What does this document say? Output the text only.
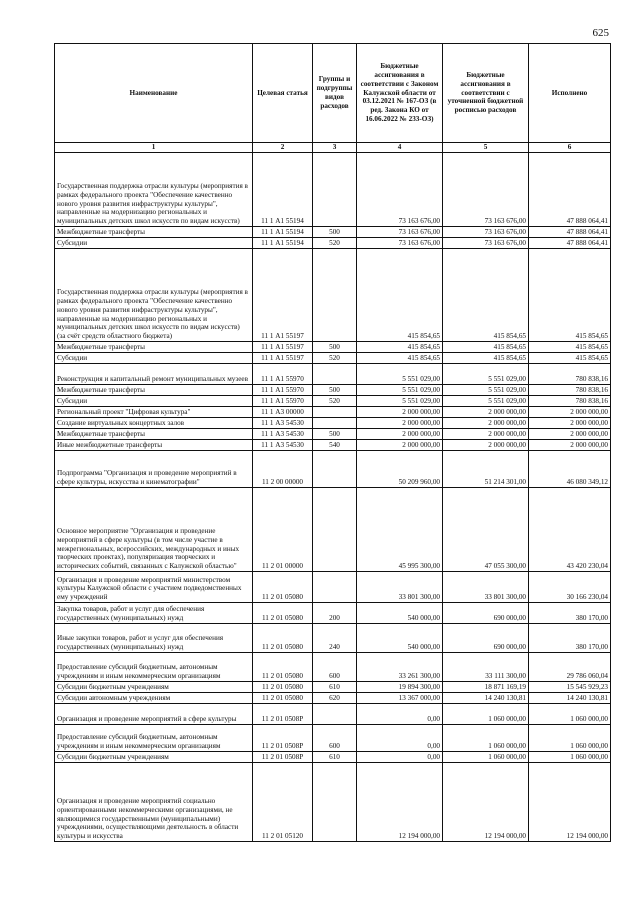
625
Наименование	Целевая статья	Группы и подгруппы видов расходов	Бюджетные ассигнования в соответствии с Законом Калужской области от 03.12.2021 № 167-ОЗ (в ред. Закона КО от 16.06.2022 № 233-ОЗ)	Бюджетные ассигнования в соответствии с уточненной бюджетной росписью расходов	Исполнено
1	2	3	4	5	6
Государственная поддержка отрасли культуры (мероприятия в рамках федерального проекта "Обеспечение качественно нового уровня развития инфраструктуры культуры", направленные на модернизацию региональных и муниципальных детских школ искусств по видам искусств)	11 1 А1 55194		73 163 676,00	73 163 676,00	47 888 064,41
Межбюджетные трансферты	11 1 А1 55194	500	73 163 676,00	73 163 676,00	47 888 064,41
Субсидии	11 1 А1 55194	520	73 163 676,00	73 163 676,00	47 888 064,41
Государственная поддержка отрасли культуры (мероприятия в рамках федерального проекта "Обеспечение качественно нового уровня развития инфраструктуры культуры", направленные на модернизацию региональных и муниципальных детских школ искусств по видам искусств) (за счёт средств областного бюджета)	11 1 А1 55197		415 854,65	415 854,65	415 854,65
Межбюджетные трансферты	11 1 А1 55197	500	415 854,65	415 854,65	415 854,65
Субсидии	11 1 А1 55197	520	415 854,65	415 854,65	415 854,65
Реконструкция и капитальный ремонт муниципальных музеев	11 1 А1 55970		5 551 029,00	5 551 029,00	780 838,16
Межбюджетные трансферты	11 1 А1 55970	500	5 551 029,00	5 551 029,00	780 838,16
Субсидии	11 1 А1 55970	520	5 551 029,00	5 551 029,00	780 838,16
Региональный проект "Цифровая культура"	11 1 А3 00000		2 000 000,00	2 000 000,00	2 000 000,00
Создание виртуальных концертных залов	11 1 А3 54530		2 000 000,00	2 000 000,00	2 000 000,00
Межбюджетные трансферты	11 1 А3 54530	500	2 000 000,00	2 000 000,00	2 000 000,00
Иные межбюджетные трансферты	11 1 А3 54530	540	2 000 000,00	2 000 000,00	2 000 000,00
Подпрограмма "Организация и проведение мероприятий в сфере культуры, искусства и кинематографии"	11 2 00 00000		50 209 960,00	51 214 301,00	46 080 349,12
Основное мероприятие "Организация и проведение мероприятий в сфере культуры (в том числе участие в межрегиональных, всероссийских, международных и иных творческих проектах), популяризация творческих и исторических событий, связанных с Калужской областью"	11 2 01 00000		45 995 300,00	47 055 300,00	43 420 230,04
Организация и проведение мероприятий министерством культуры Калужской области с участием подведомственных ему учреждений	11 2 01 05080		33 801 300,00	33 801 300,00	30 166 230,04
Закупка товаров, работ и услуг для обеспечения государственных (муниципальных) нужд	11 2 01 05080	200	540 000,00	690 000,00	380 170,00
Иные закупки товаров, работ и услуг для обеспечения государственных (муниципальных) нужд	11 2 01 05080	240	540 000,00	690 000,00	380 170,00
Предоставление субсидий бюджетным, автономным учреждениям и иным некоммерческим организациям	11 2 01 05080	600	33 261 300,00	33 111 300,00	29 786 060,04
Субсидии бюджетным учреждениям	11 2 01 05080	610	19 894 300,00	18 871 169,19	15 545 929,23
Субсидии автономным учреждениям	11 2 01 05080	620	13 367 000,00	14 240 130,81	14 240 130,81
Организация и проведение мероприятий в сфере культуры	11 2 01 0508Р		0,00	1 060 000,00	1 060 000,00
Предоставление субсидий бюджетным, автономным учреждениям и иным некоммерческим организациям	11 2 01 0508Р	600	0,00	1 060 000,00	1 060 000,00
Субсидии бюджетным учреждениям	11 2 01 0508Р	610	0,00	1 060 000,00	1 060 000,00
Организация и проведение мероприятий социально ориентированными некоммерческими организациями, не являющимися государственными (муниципальными) учреждениями, осуществляющими деятельность в области культуры и искусства	11 2 01 05120		12 194 000,00	12 194 000,00	12 194 000,00
